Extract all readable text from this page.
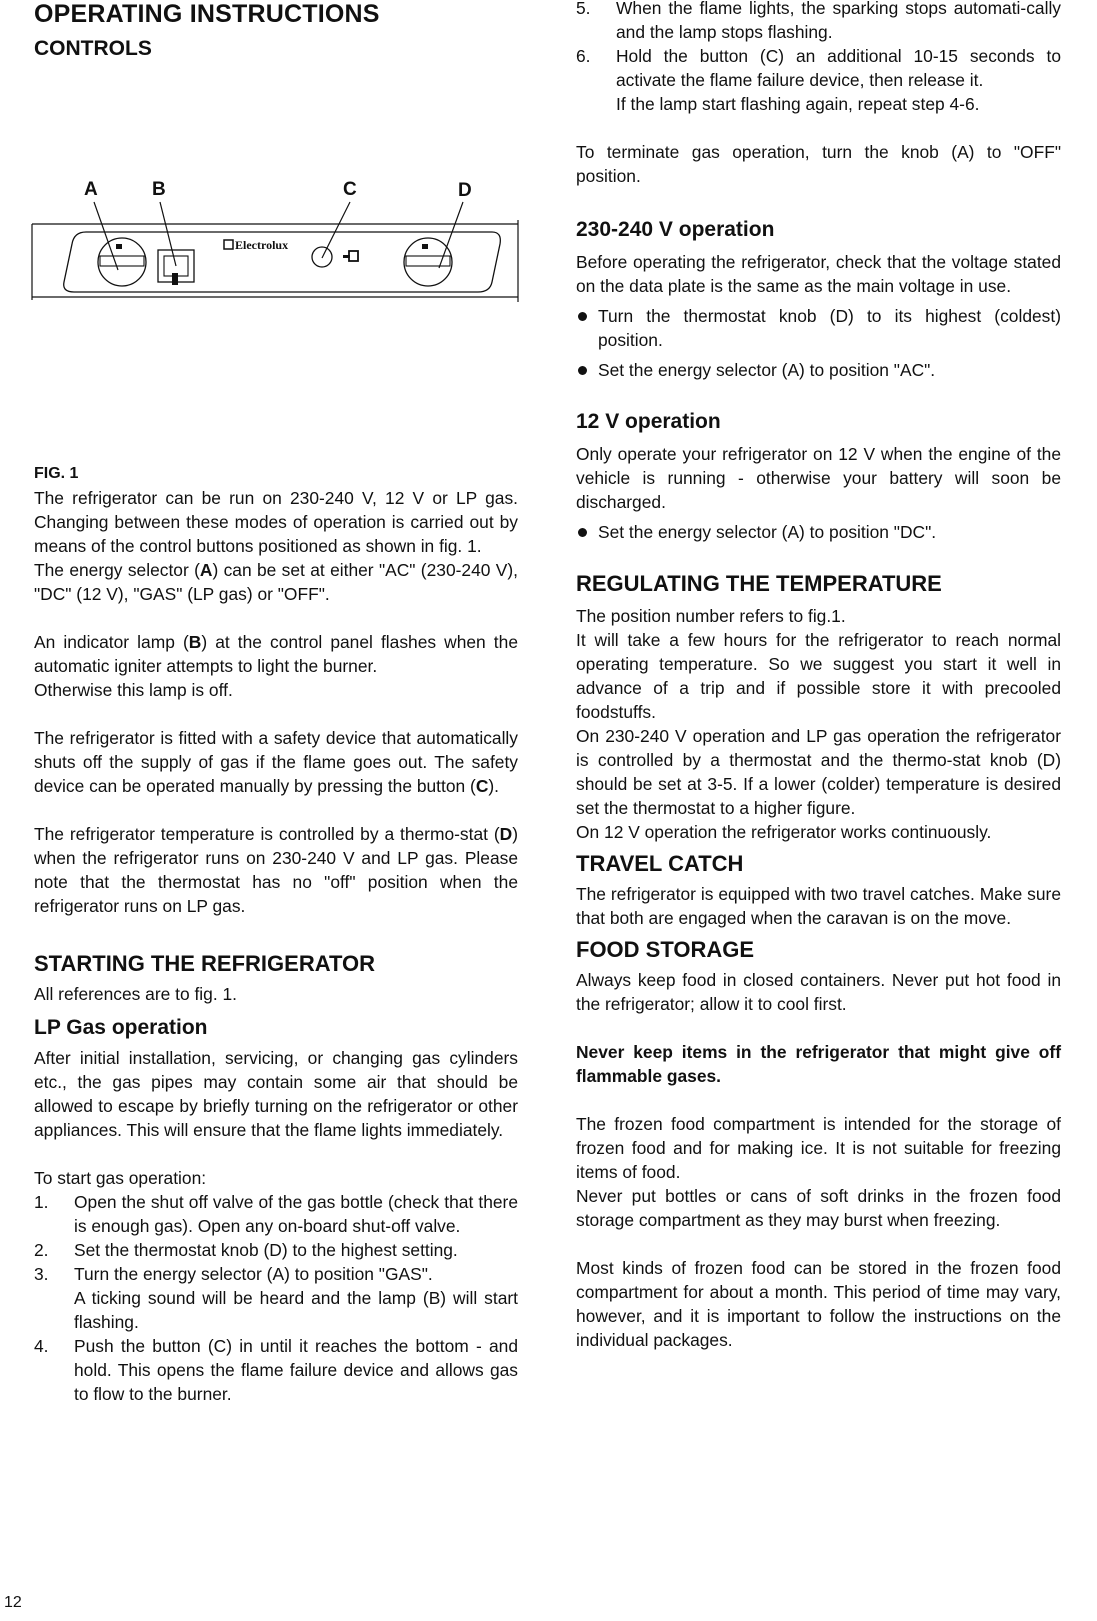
OPERATING INSTRUCTIONS
CONTROLS
A	B	C	D
Electrolux

FIG. 1

The refrigerator can be run on 230-240 V, 12 V or LP gas. Changing between these modes of operation is carried out by means of the control buttons positioned as shown in fig. 1.
The energy selector (A) can be set at either "AC" (230-240 V), "DC" (12 V), "GAS" (LP gas) or "OFF".

An indicator lamp (B) at the control panel flashes when the automatic igniter attempts to light the burner.
Otherwise this lamp is off.

The refrigerator is fitted with a safety device that automatically shuts off the supply of gas if the flame goes out. The safety device can be operated manually by pressing the button (C).

The refrigerator temperature is controlled by a thermo-stat (D) when the refrigerator runs on 230-240 V and LP gas. Please note that the thermostat has no "off" position when the refrigerator runs on LP gas.

STARTING THE REFRIGERATOR

All references are to fig. 1.

LP Gas operation

After initial installation, servicing, or changing gas cylinders etc., the gas pipes may contain some air that should be allowed to escape by briefly turning on the refrigerator or other appliances. This will ensure that the flame lights immediately.

To start gas operation:

1. Open the shut off valve of the gas bottle (check that there is enough gas). Open any on-board shut-off valve.
2. Set the thermostat knob (D) to the highest setting.
3. Turn the energy selector (A) to position "GAS".
A ticking sound will be heard and the lamp (B) will start flashing.
4. Push the button (C) in until it reaches the bottom - and hold. This opens the flame failure device and allows gas to flow to the burner.
5. When the flame lights, the sparking stops automati-cally and the lamp stops flashing.
6. Hold the button (C) an additional 10-15 seconds to activate the flame failure device, then release it.
If the lamp start flashing again, repeat step 4-6.

To terminate gas operation, turn the knob (A) to "OFF" position.

230-240 V operation

Before operating the refrigerator, check that the voltage stated on the data plate is the same as the main voltage in use.

Turn the thermostat knob (D) to its highest (coldest) position.
Set the energy selector (A) to position "AC".

12 V operation

Only operate your refrigerator on 12 V when the engine of the vehicle is running - otherwise your battery will soon be discharged.

Set the energy selector (A) to position "DC".

REGULATING THE TEMPERATURE

The position number refers to fig.1.

It will take a few hours for the refrigerator to reach normal operating temperature. So we suggest you start it well in advance of a trip and if possible store it with precooled foodstuffs.

On 230-240 V operation and LP gas operation the refrigerator is controlled by a thermostat and the thermo-stat knob (D) should be set at 3-5. If a lower (colder) temperature is desired set the thermostat to a higher figure.

On 12 V operation the refrigerator works continuously.

TRAVEL CATCH

The refrigerator is equipped with two travel catches. Make sure that both are engaged when the caravan is on the move.

FOOD STORAGE

Always keep food in closed containers. Never put hot food in the refrigerator; allow it to cool first.

Never keep items in the refrigerator that might give off flammable gases.

The frozen food compartment is intended for the storage of frozen food and for making ice. It is not suitable for freezing items of food.

Never put bottles or cans of soft drinks in the frozen food storage compartment as they may burst when freezing.

Most kinds of frozen food can be stored in the frozen food compartment for about a month. This period of time may vary, however, and it is important to follow the instructions on the individual packages.

12
